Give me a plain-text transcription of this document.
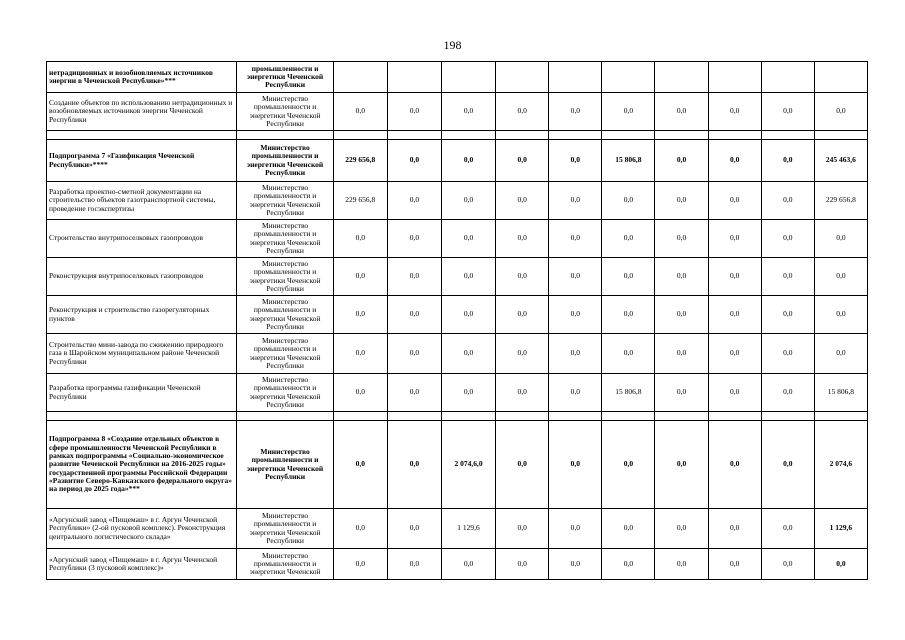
198
нетрадиционных и возобновляемых источников энергии в Чеченской Республике»***	промышленности и энергетики Чеченской Республики										
Создание объектов по использованию нетрадиционных и возобновляемых источников энергии Чеченской Республики	Министерство промышленности и энергетики Чеченской Республики	0,0	0,0	0,0	0,0	0,0	0,0	0,0	0,0	0,0	0,0

Подпрограмма 7 «Газификация Чеченской Республики»****	Министерство промышленности и энергетики Чеченской Республики	229 656,8	0,0	0,0	0,0	0,0	15 806,8	0,0	0,0	0,0	245 463,6
Разработка проектно-сметной документации на строительство объектов газотранспортной системы, проведение госэкспертизы	Министерство промышленности и энергетики Чеченской Республики	229 656,8	0,0	0,0	0,0	0,0	0,0	0,0	0,0	0,0	229 656,8
Строительство внутрипоселковых газопроводов	Министерство промышленности и энергетики Чеченской Республики	0,0	0,0	0,0	0,0	0,0	0,0	0,0	0,0	0,0	0,0
Реконструкция внутрипоселковых газопроводов	Министерство промышленности и энергетики Чеченской Республики	0,0	0,0	0,0	0,0	0,0	0,0	0,0	0,0	0,0	0,0
Реконструкция и строительство газорегуляторных пунктов	Министерство промышленности и энергетики Чеченской Республики	0,0	0,0	0,0	0,0	0,0	0,0	0,0	0,0	0,0	0,0
Строительство мини-завода по сжижению природного газа в Шаройском муниципальном районе Чеченской Республики	Министерство промышленности и энергетики Чеченской Республики	0,0	0,0	0,0	0,0	0,0	0,0	0,0	0,0	0,0	0,0
Разработка программы газификации Чеченской Республики	Министерство промышленности и энергетики Чеченской Республики	0,0	0,0	0,0	0,0	0,0	15 806,8	0,0	0,0	0,0	15 806,8

Подпрограмма 8 «Создание отдельных объектов в сфере промышленности Чеченской Республики в рамках подпрограммы «Социально-экономическое развитие Чеченской Республики на 2016-2025 годы» государственной программы Российской Федерации «Развитие Северо-Кавказского федерального округа» на период до 2025 года»***	Министерство промышленности и энергетики Чеченской Республики	0,0	0,0	2 074,6,0	0,0	0,0	0,0	0,0	0,0	0,0	2 074,6
«Аргунский завод «Пищемаш» в г. Аргун Чеченской Республики» (2-ой пусковой комплекс). Реконструкция центрального логистического склада»	Министерство промышленности и энергетики Чеченской Республики	0,0	0,0	1 129,6	0,0	0,0	0,0	0,0	0,0	0,0	1 129,6
«Аргунский завод «Пищемаш» в г. Аргун Чеченской Республики (3 пусковой комплекс)»	Министерство промышленности и энергетики Чеченской	0,0	0,0	0,0	0,0	0,0	0,0	0,0	0,0	0,0	0,0
